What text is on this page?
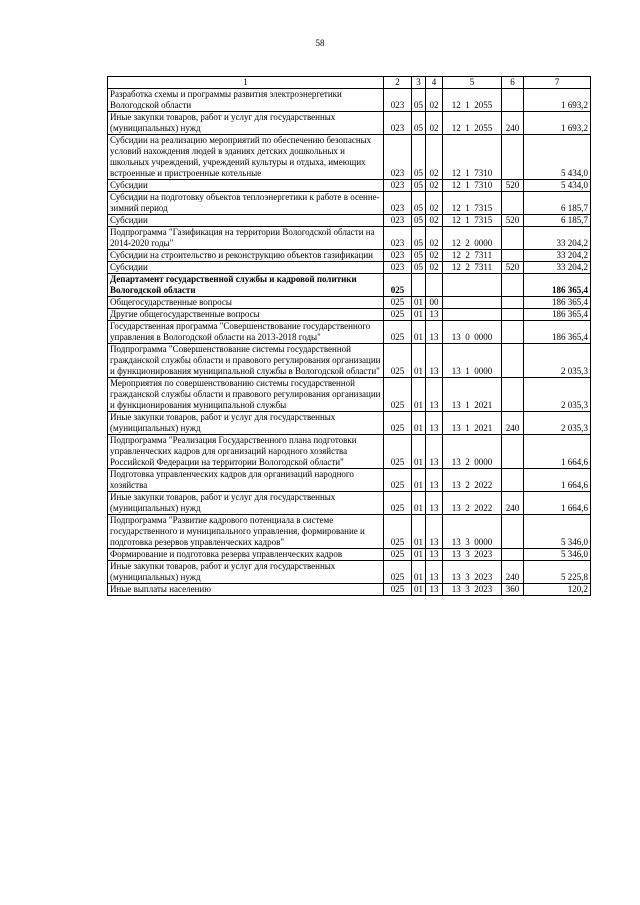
58
1	2	3	4	5	6	7
Разработка схемы и программы развития электроэнергетики Вологодской области	023	05	02	12  1  2055		1 693,2
Иные закупки товаров, работ и услуг для государственных (муниципальных) нужд	023	05	02	12  1  2055	240	1 693,2
Субсидии на реализацию мероприятий по обеспечению безопасных условий нахождения людей в зданиях детских дошкольных и школьных учреждений, учреждений культуры и отдыха, имеющих встроенные и пристроенные котельные	023	05	02	12  1  7310		5 434,0
Субсидии	023	05	02	12  1  7310	520	5 434,0
Субсидии на подготовку объектов теплоэнергетики к работе в осенне-зимний период	023	05	02	12  1  7315		6 185,7
Субсидии	023	05	02	12  1  7315	520	6 185,7
Подпрограмма "Газификация на территории Вологодской области на 2014-2020 годы"	023	05	02	12  2  0000		33 204,2
Субсидии на строительство и реконструкцию объектов газификации	023	05	02	12  2  7311		33 204,2
Субсидии	023	05	02	12  2  7311	520	33 204,2
Департамент государственной службы и кадровой политики Вологодской области	025					186 365,4
Общегосударственные вопросы	025	01	00			186 365,4
Другие общегосударственные вопросы	025	01	13			186 365,4
Государственная программа "Совершенствование государственного управления в Вологодской области на 2013-2018 годы"	025	01	13	13  0  0000		186 365,4
Подпрограмма "Совершенствование системы государственной гражданской службы области и правового регулирования организации и функционирования муниципальной службы в Вологодской области"	025	01	13	13  1  0000		2 035,3
Мероприятия по совершенствованию системы государственной гражданской службы области и правового регулирования организации и функционирования муниципальной службы	025	01	13	13  1  2021		2 035,3
Иные закупки товаров, работ и услуг для государственных (муниципальных) нужд	025	01	13	13  1  2021	240	2 035,3
Подпрограмма "Реализация Государственного плана подготовки управленческих кадров для организаций народного хозяйства Российской Федерации на территории Вологодской области"	025	01	13	13  2  0000		1 664,6
Подготовка управленческих кадров для организаций народного хозяйства	025	01	13	13  2  2022		1 664,6
Иные закупки товаров, работ и услуг для государственных (муниципальных) нужд	025	01	13	13  2  2022	240	1 664,6
Подпрограмма "Развитие кадрового потенциала в системе государственного и муниципального управления, формирование и подготовка резервов управленческих кадров"	025	01	13	13  3  0000		5 346,0
Формирование и подготовка резерва управленческих кадров	025	01	13	13  3  2023		5 346,0
Иные закупки товаров, работ и услуг для государственных (муниципальных) нужд	025	01	13	13  3  2023	240	5 225,8
Иные выплаты населению	025	01	13	13  3  2023	360	120,2
